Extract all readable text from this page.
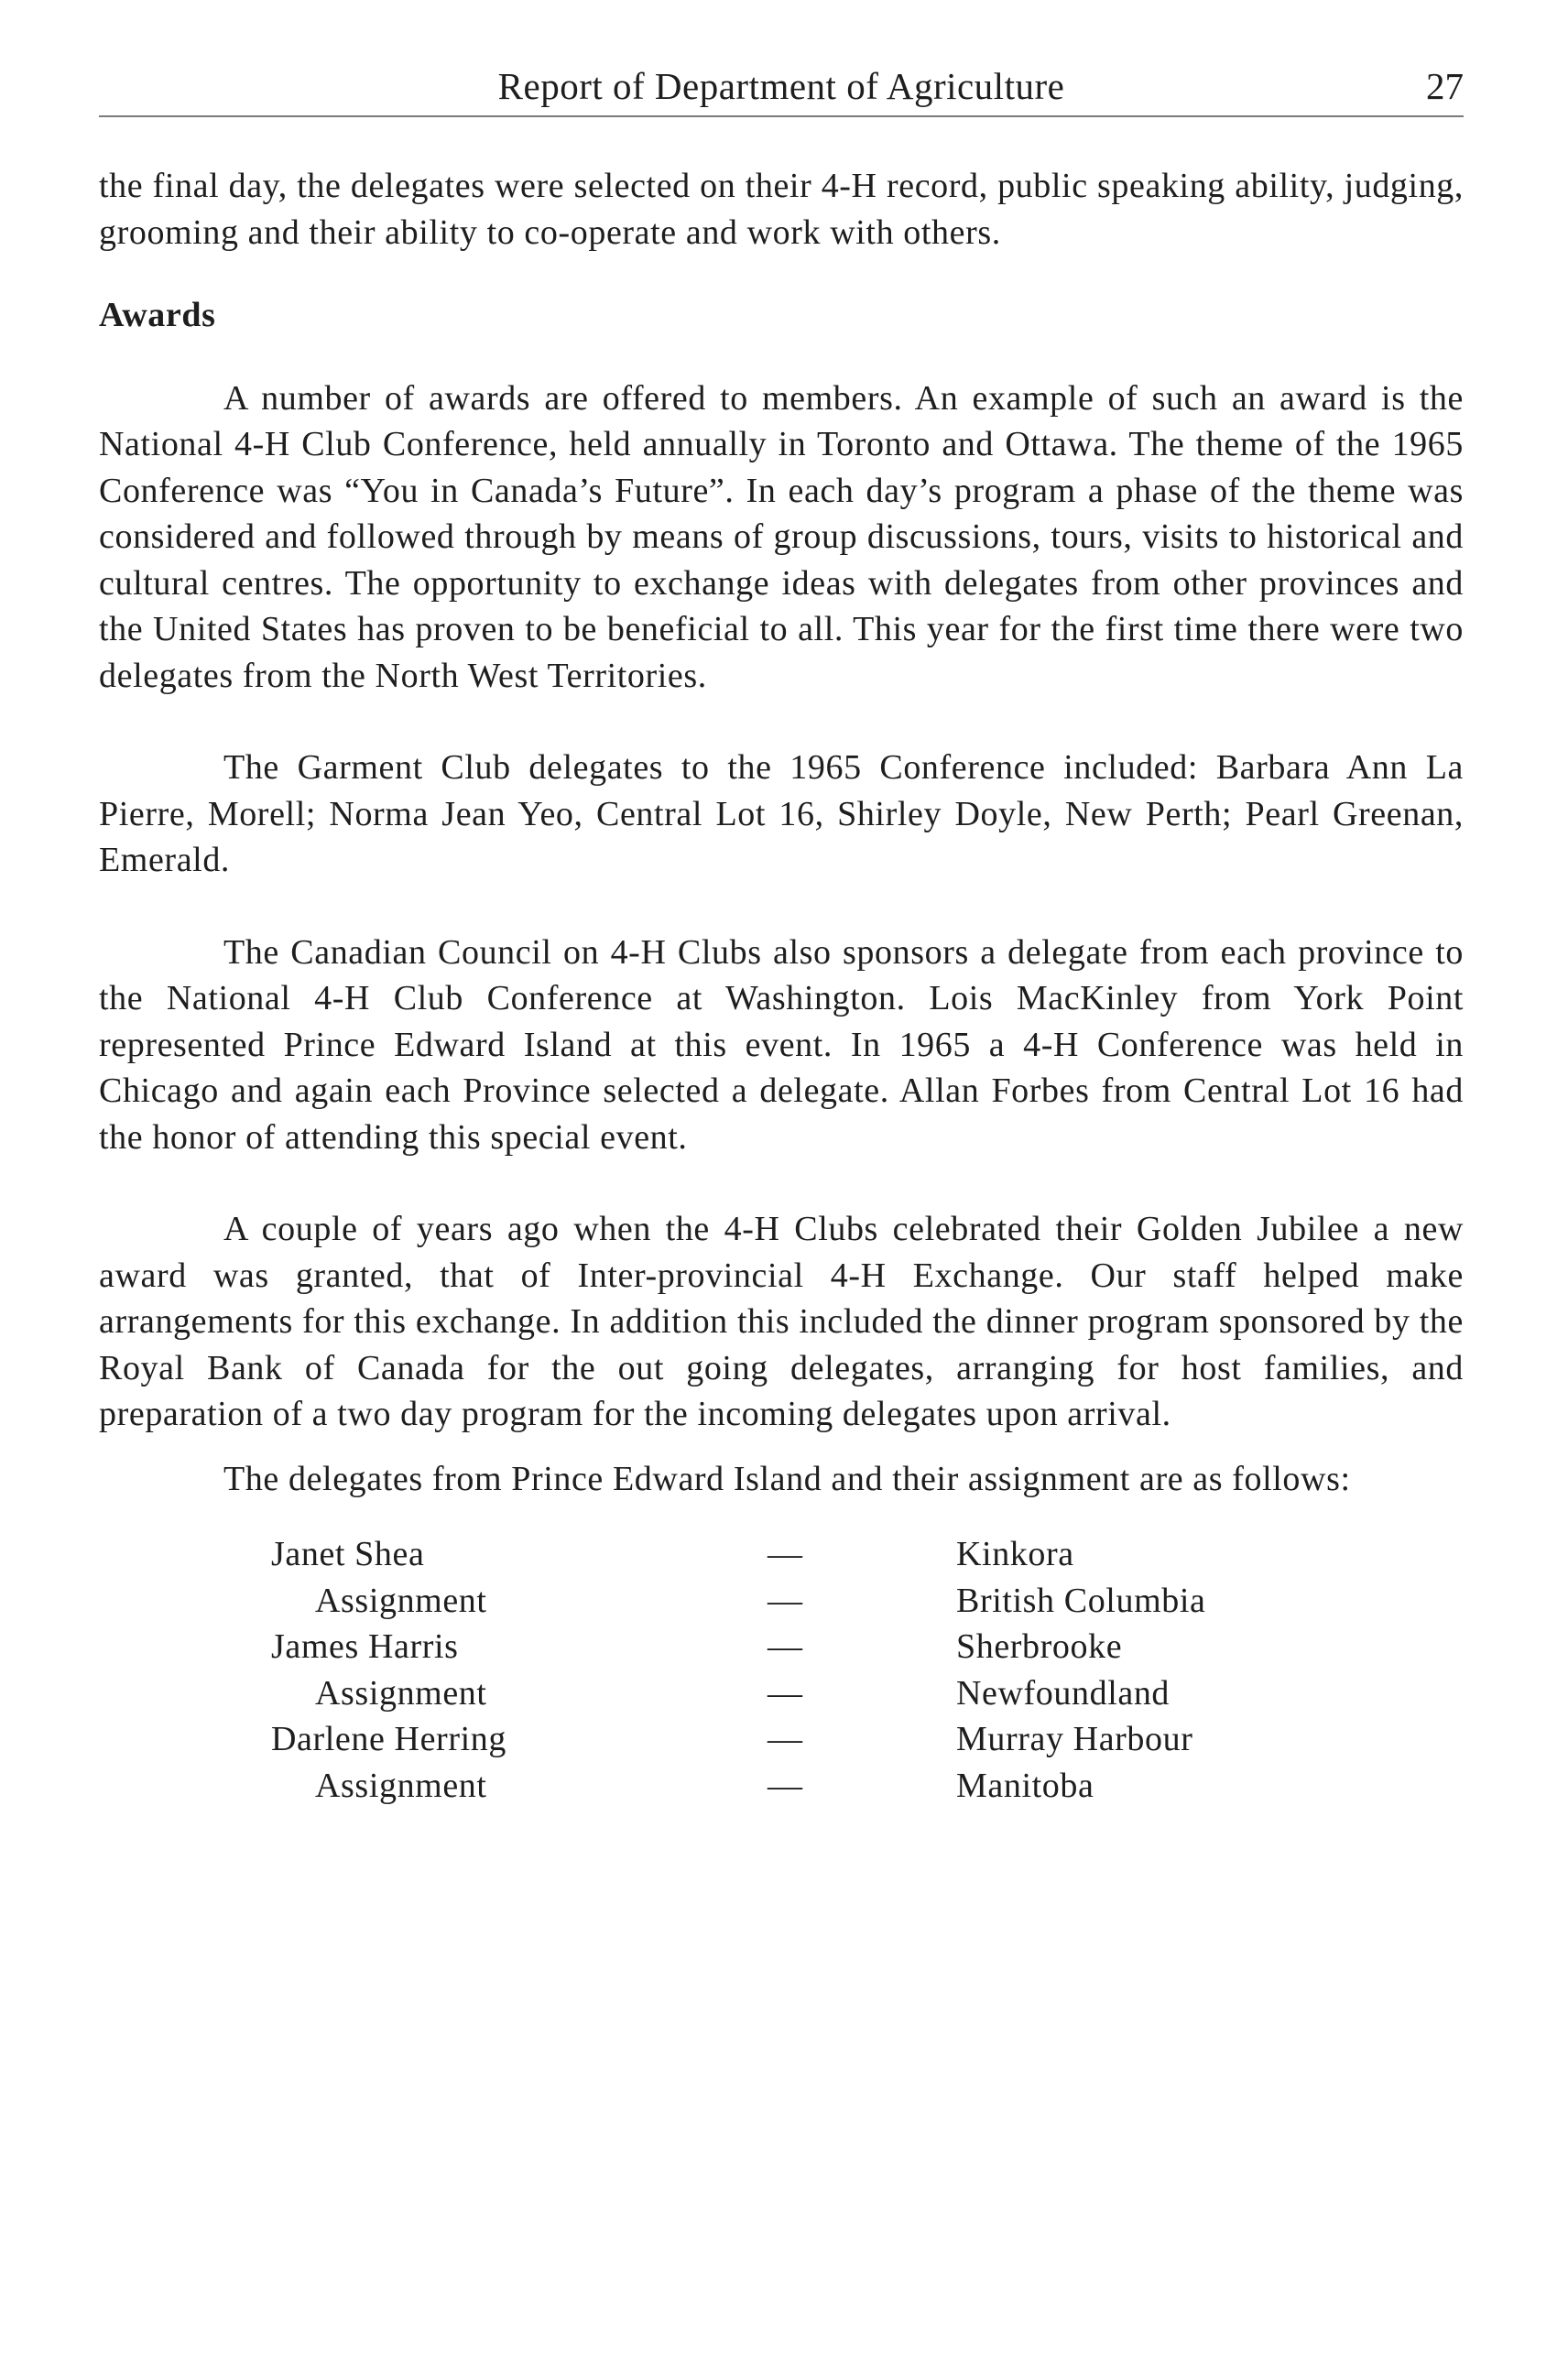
Report of Department of Agriculture	27

the final day, the delegates were selected on their 4-H record, public speaking ability, judging, grooming and their ability to co-operate and work with others.

Awards

A number of awards are offered to members. An example of such an award is the National 4-H Club Conference, held annually in Toronto and Ottawa. The theme of the 1965 Conference was “You in Canada’s Future”. In each day’s program a phase of the theme was considered and followed through by means of group discussions, tours, visits to historical and cultural centres. The opportunity to exchange ideas with delegates from other provinces and the United States has proven to be beneficial to all. This year for the first time there were two delegates from the North West Territories.

The Garment Club delegates to the 1965 Conference included: Barbara Ann La Pierre, Morell; Norma Jean Yeo, Central Lot 16, Shirley Doyle, New Perth; Pearl Greenan, Emerald.

The Canadian Council on 4-H Clubs also sponsors a delegate from each province to the National 4-H Club Conference at Washington. Lois MacKinley from York Point represented Prince Edward Island at this event. In 1965 a 4-H Conference was held in Chicago and again each Province selected a delegate. Allan Forbes from Central Lot 16 had the honor of attending this special event.

A couple of years ago when the 4-H Clubs celebrated their Golden Jubilee a new award was granted, that of Inter-provincial 4-H Exchange. Our staff helped make arrangements for this exchange. In addition this included the dinner program sponsored by the Royal Bank of Canada for the out going delegates, arranging for host families, and preparation of a two day program for the incoming delegates upon arrival.

The delegates from Prince Edward Island and their assignment are as follows:

Janet Shea	—	Kinkora
Assignment	—	British Columbia
James Harris	—	Sherbrooke
Assignment	—	Newfoundland
Darlene Herring	—	Murray Harbour
Assignment	—	Manitoba
